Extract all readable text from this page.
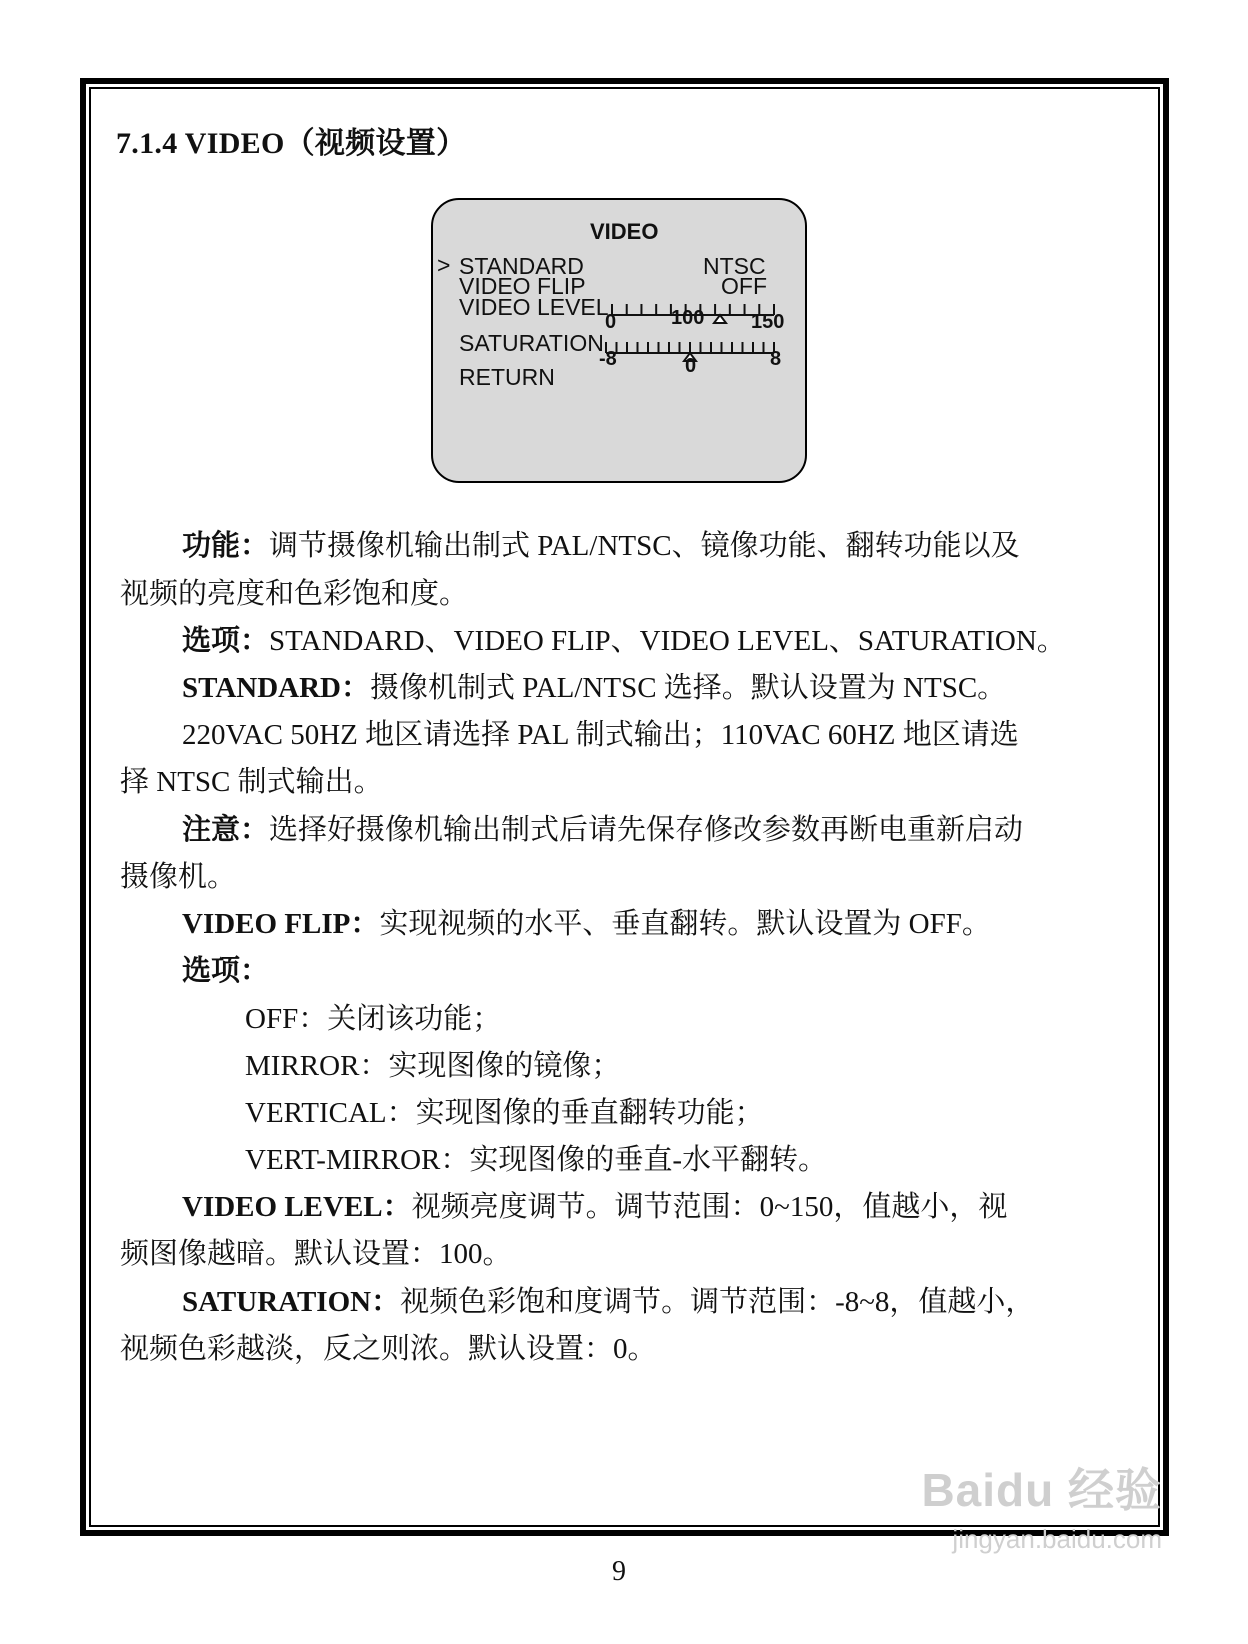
7.1.4 VIDEO（视频设置）
VIDEO
> STANDARD	NTSC
VIDEO FLIP	OFF
VIDEO LEVEL
0	100 150
SATURATION
-8	0	8
RETURN
功能：调节摄像机输出制式 PAL/NTSC、镜像功能、翻转功能以及
视频的亮度和色彩饱和度。
选项：STANDARD、VIDEO FLIP、VIDEO LEVEL、SATURATION。
STANDARD：摄像机制式 PAL/NTSC 选择。默认设置为 NTSC。
220VAC 50HZ 地区请选择 PAL 制式输出；110VAC 60HZ 地区请选
择 NTSC 制式输出。
注意：选择好摄像机输出制式后请先保存修改参数再断电重新启动
摄像机。
VIDEO FLIP：实现视频的水平、垂直翻转。默认设置为 OFF。
选项：
OFF：关闭该功能；
MIRROR：实现图像的镜像；
VERTICAL：实现图像的垂直翻转功能；
VERT-MIRROR：实现图像的垂直-水平翻转。
VIDEO LEVEL：视频亮度调节。调节范围：0~150，值越小，视
频图像越暗。默认设置：100。
SATURATION：视频色彩饱和度调节。调节范围：-8~8，值越小，
视频色彩越淡，反之则浓。默认设置：0。
9
Baidu 经验
jingyan.baidu.com
